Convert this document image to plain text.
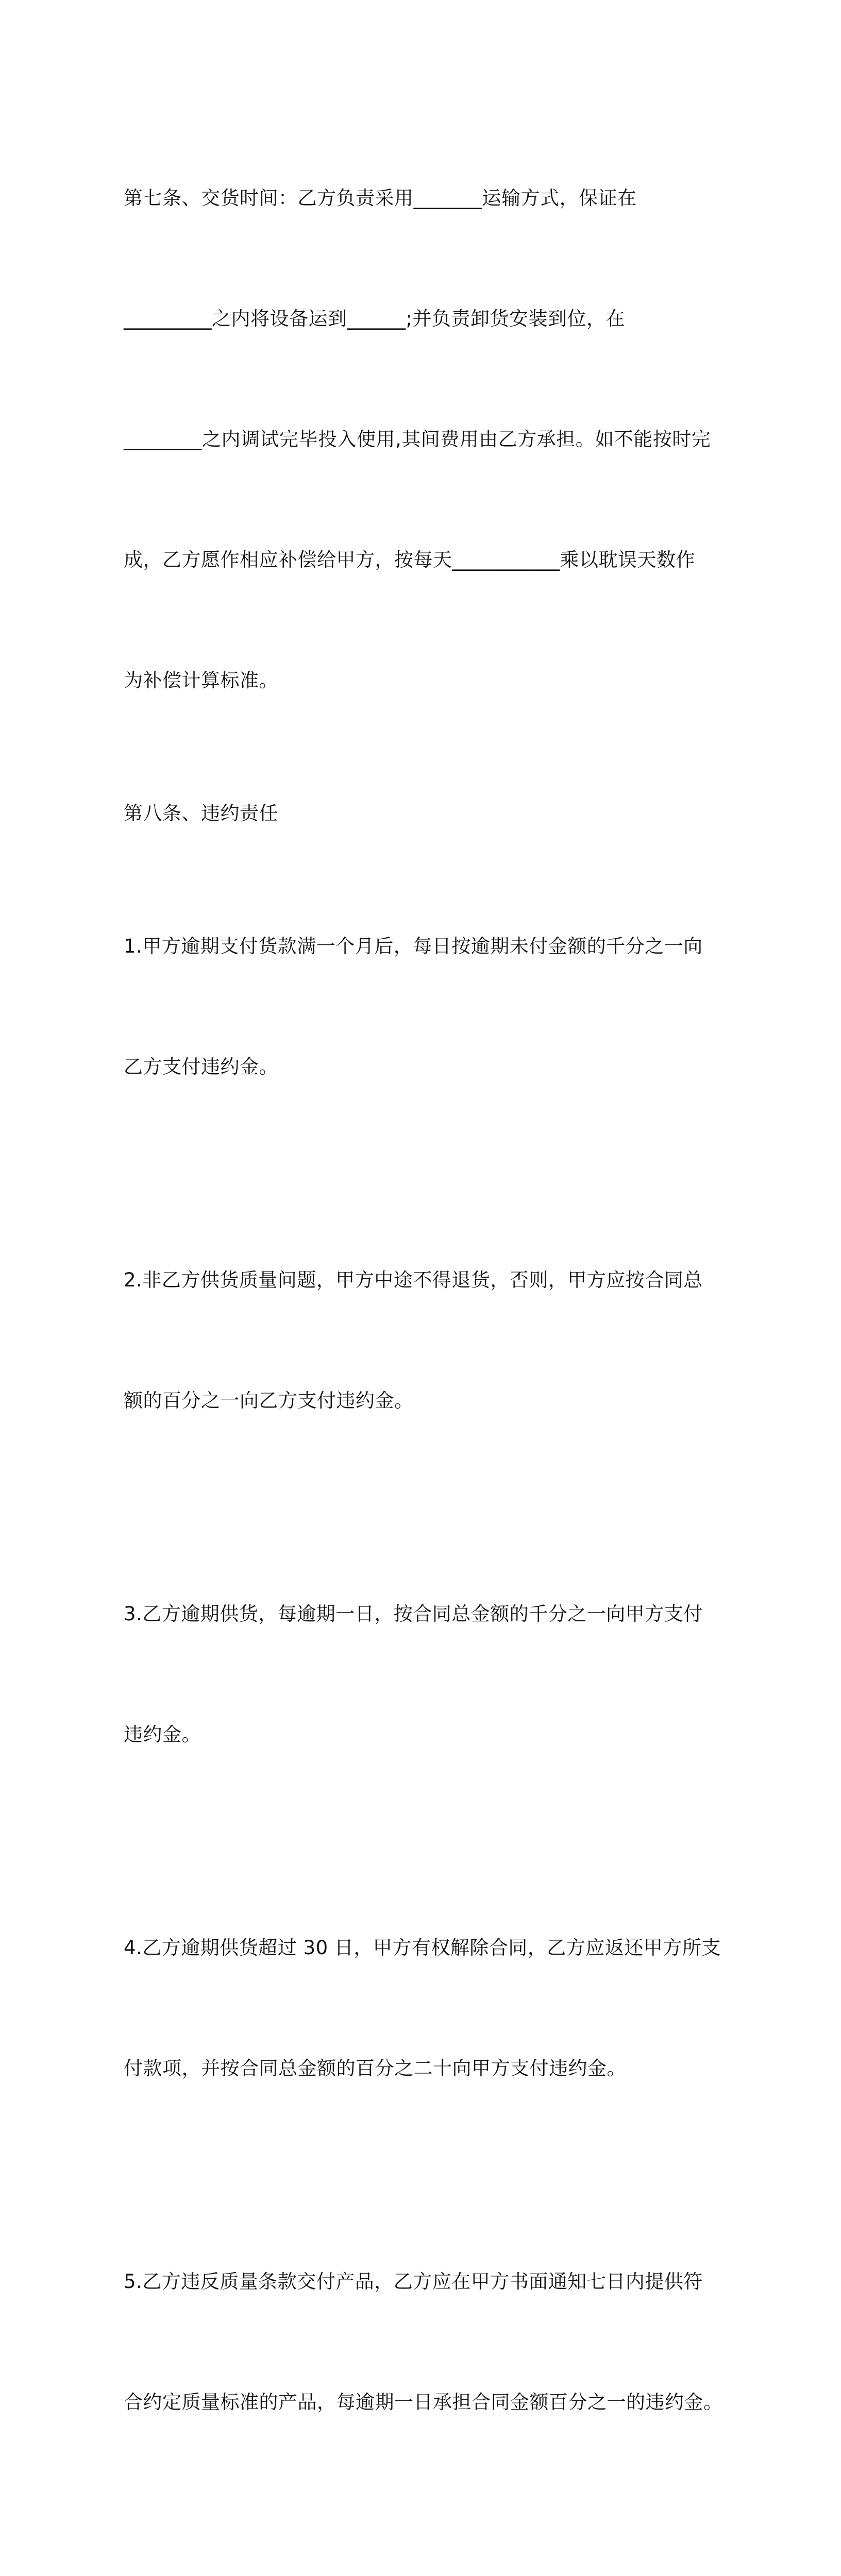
第七条、交货时间：乙方负责采用_______运输方式，保证在

_________之内将设备运到______;并负责卸货安装到位，在

________之内调试完毕投入使用,其间费用由乙方承担。如不能按时完

成，乙方愿作相应补偿给甲方，按每天___________乘以耽误天数作

为补偿计算标准。

第八条、违约责任

1.甲方逾期支付货款满一个月后，每日按逾期未付金额的千分之一向

乙方支付违约金。

2.非乙方供货质量问题，甲方中途不得退货，否则，甲方应按合同总

额的百分之一向乙方支付违约金。

3.乙方逾期供货，每逾期一日，按合同总金额的千分之一向甲方支付

违约金。

4.乙方逾期供货超过 30 日，甲方有权解除合同，乙方应返还甲方所支

付款项，并按合同总金额的百分之二十向甲方支付违约金。

5.乙方违反质量条款交付产品，乙方应在甲方书面通知七日内提供符

合约定质量标准的产品，每逾期一日承担合同金额百分之一的违约金。
